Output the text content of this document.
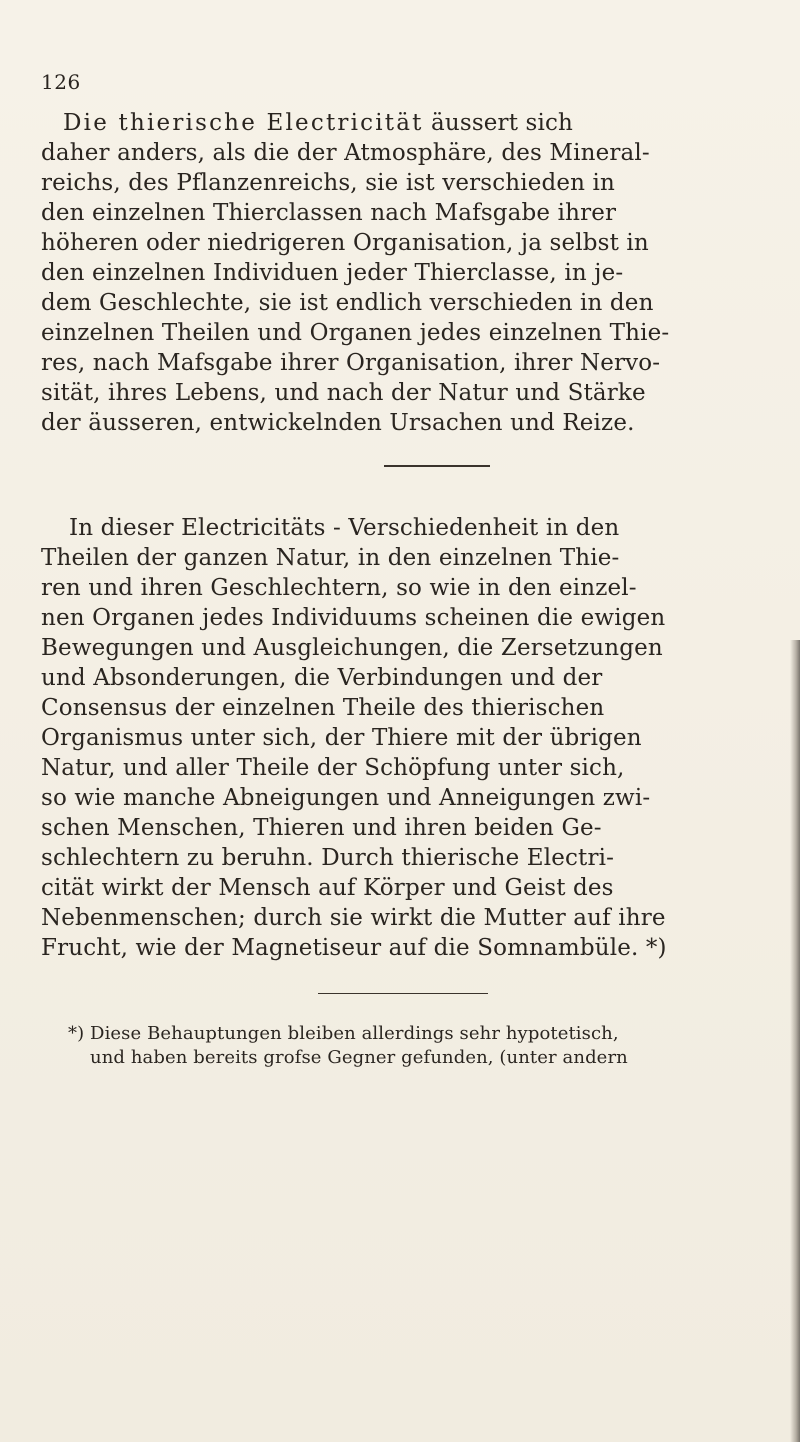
126
Die thierische Electricität äussert sich
daher anders, als die der Atmosphäre, des Mineral-
reichs, des Pflanzenreichs, sie ist verschieden in
den einzelnen Thierclassen nach Mafsgabe ihrer
höheren oder niedrigeren Organisation, ja selbst in
den einzelnen Individuen jeder Thierclasse, in je-
dem Geschlechte, sie ist endlich verschieden in den
einzelnen Theilen und Organen jedes einzelnen Thie-
res, nach Mafsgabe ihrer Organisation, ihrer Nervo-
sität, ihres Lebens, und nach der Natur und Stärke
der äusseren, entwickelnden Ursachen und Reize.
In dieser Electricitäts - Verschiedenheit in den
Theilen der ganzen Natur, in den einzelnen Thie-
ren und ihren Geschlechtern, so wie in den einzel-
nen Organen jedes Individuums scheinen die ewigen
Bewegungen und Ausgleichungen, die Zersetzungen
und Absonderungen, die Verbindungen und der
Consensus der einzelnen Theile des thierischen
Organismus unter sich, der Thiere mit der übrigen
Natur, und aller Theile der Schöpfung unter sich,
so wie manche Abneigungen und Anneigungen zwi-
schen Menschen, Thieren und ihren beiden Ge-
schlechtern zu beruhn. Durch thierische Electri-
cität wirkt der Mensch auf Körper und Geist des
Nebenmenschen; durch sie wirkt die Mutter auf ihre
Frucht, wie der Magnetiseur auf die Somnambüle. *)
*) Diese Behauptungen bleiben allerdings sehr hypotetisch,
und haben bereits grofse Gegner gefunden, (unter andern
